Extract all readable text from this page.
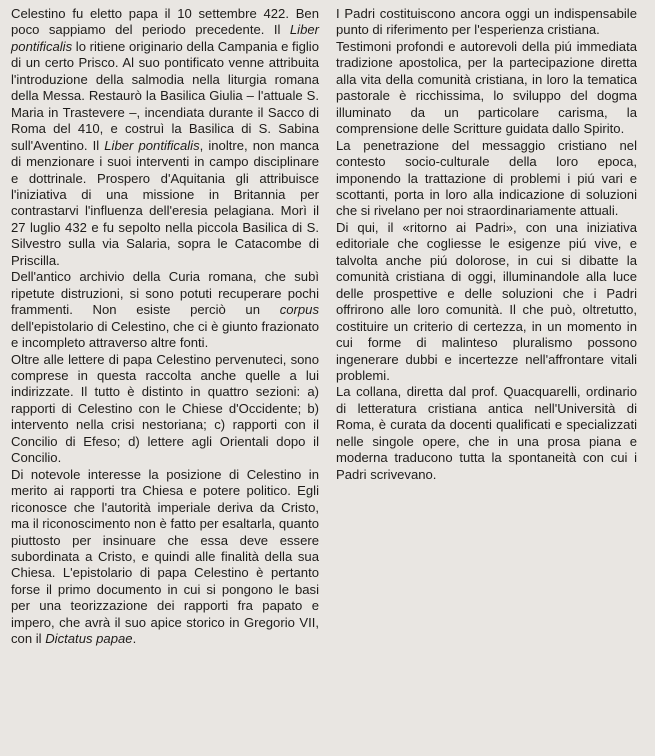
Celestino fu eletto papa il 10 settembre 422. Ben poco sappiamo del periodo precedente. Il Liber pontificalis lo ritiene originario della Campania e figlio di un certo Prisco. Al suo pontificato venne attribuita l'introduzione della salmodia nella liturgia romana della Messa. Restaurò la Basilica Giulia – l'attuale S. Maria in Trastevere –, incendiata durante il Sacco di Roma del 410, e costruì la Basilica di S. Sabina sull'Aventino. Il Liber pontificalis, inoltre, non manca di menzionare i suoi interventi in campo disciplinare e dottrinale. Prospero d'Aquitania gli attribuisce l'iniziativa di una missione in Britannia per contrastarvi l'influenza dell'eresia pelagiana. Morì il 27 luglio 432 e fu sepolto nella piccola Basilica di S. Silvestro sulla via Salaria, sopra le Catacombe di Priscilla.

Dell'antico archivio della Curia romana, che subì ripetute distruzioni, si sono potuti recuperare pochi frammenti. Non esiste perciò un corpus dell'epistolario di Celestino, che ci è giunto frazionato e incompleto attraverso altre fonti.

Oltre alle lettere di papa Celestino pervenuteci, sono comprese in questa raccolta anche quelle a lui indirizzate. Il tutto è distinto in quattro sezioni: a) rapporti di Celestino con le Chiese d'Occidente; b) intervento nella crisi nestoriana; c) rapporti con il Concilio di Efeso; d) lettere agli Orientali dopo il Concilio.

Di notevole interesse la posizione di Celestino in merito ai rapporti tra Chiesa e potere politico. Egli riconosce che l'autorità imperiale deriva da Cristo, ma il riconoscimento non è fatto per esaltarla, quanto piuttosto per insinuare che essa deve essere subordinata a Cristo, e quindi alle finalità della sua Chiesa. L'epistolario di papa Celestino è pertanto forse il primo documento in cui si pongono le basi per una teorizzazione dei rapporti fra papato e impero, che avrà il suo apice storico in Gregorio VII, con il Dictatus papae.

I Padri costituiscono ancora oggi un indispensabile punto di riferimento per l'esperienza cristiana.

Testimoni profondi e autorevoli della piú immediata tradizione apostolica, per la partecipazione diretta alla vita della comunità cristiana, in loro la tematica pastorale è ricchissima, lo sviluppo del dogma illuminato da un particolare carisma, la comprensione delle Scritture guidata dallo Spirito.

La penetrazione del messaggio cristiano nel contesto socio-culturale della loro epoca, imponendo la trattazione di problemi i piú vari e scottanti, porta in loro alla indicazione di soluzioni che si rivelano per noi straordinariamente attuali.

Di qui, il «ritorno ai Padri», con una iniziativa editoriale che cogliesse le esigenze piú vive, e talvolta anche piú dolorose, in cui si dibatte la comunità cristiana di oggi, illuminandole alla luce delle prospettive e delle soluzioni che i Padri offrirono alle loro comunità. Il che può, oltretutto, costituire un criterio di certezza, in un momento in cui forme di malinteso pluralismo possono ingenerare dubbi e incertezze nell'affrontare vitali problemi.

La collana, diretta dal prof. Quacquarelli, ordinario di letteratura cristiana antica nell'Università di Roma, è curata da docenti qualificati e specializzati nelle singole opere, che in una prosa piana e moderna traducono tutta la spontaneità con cui i Padri scrivevano.
